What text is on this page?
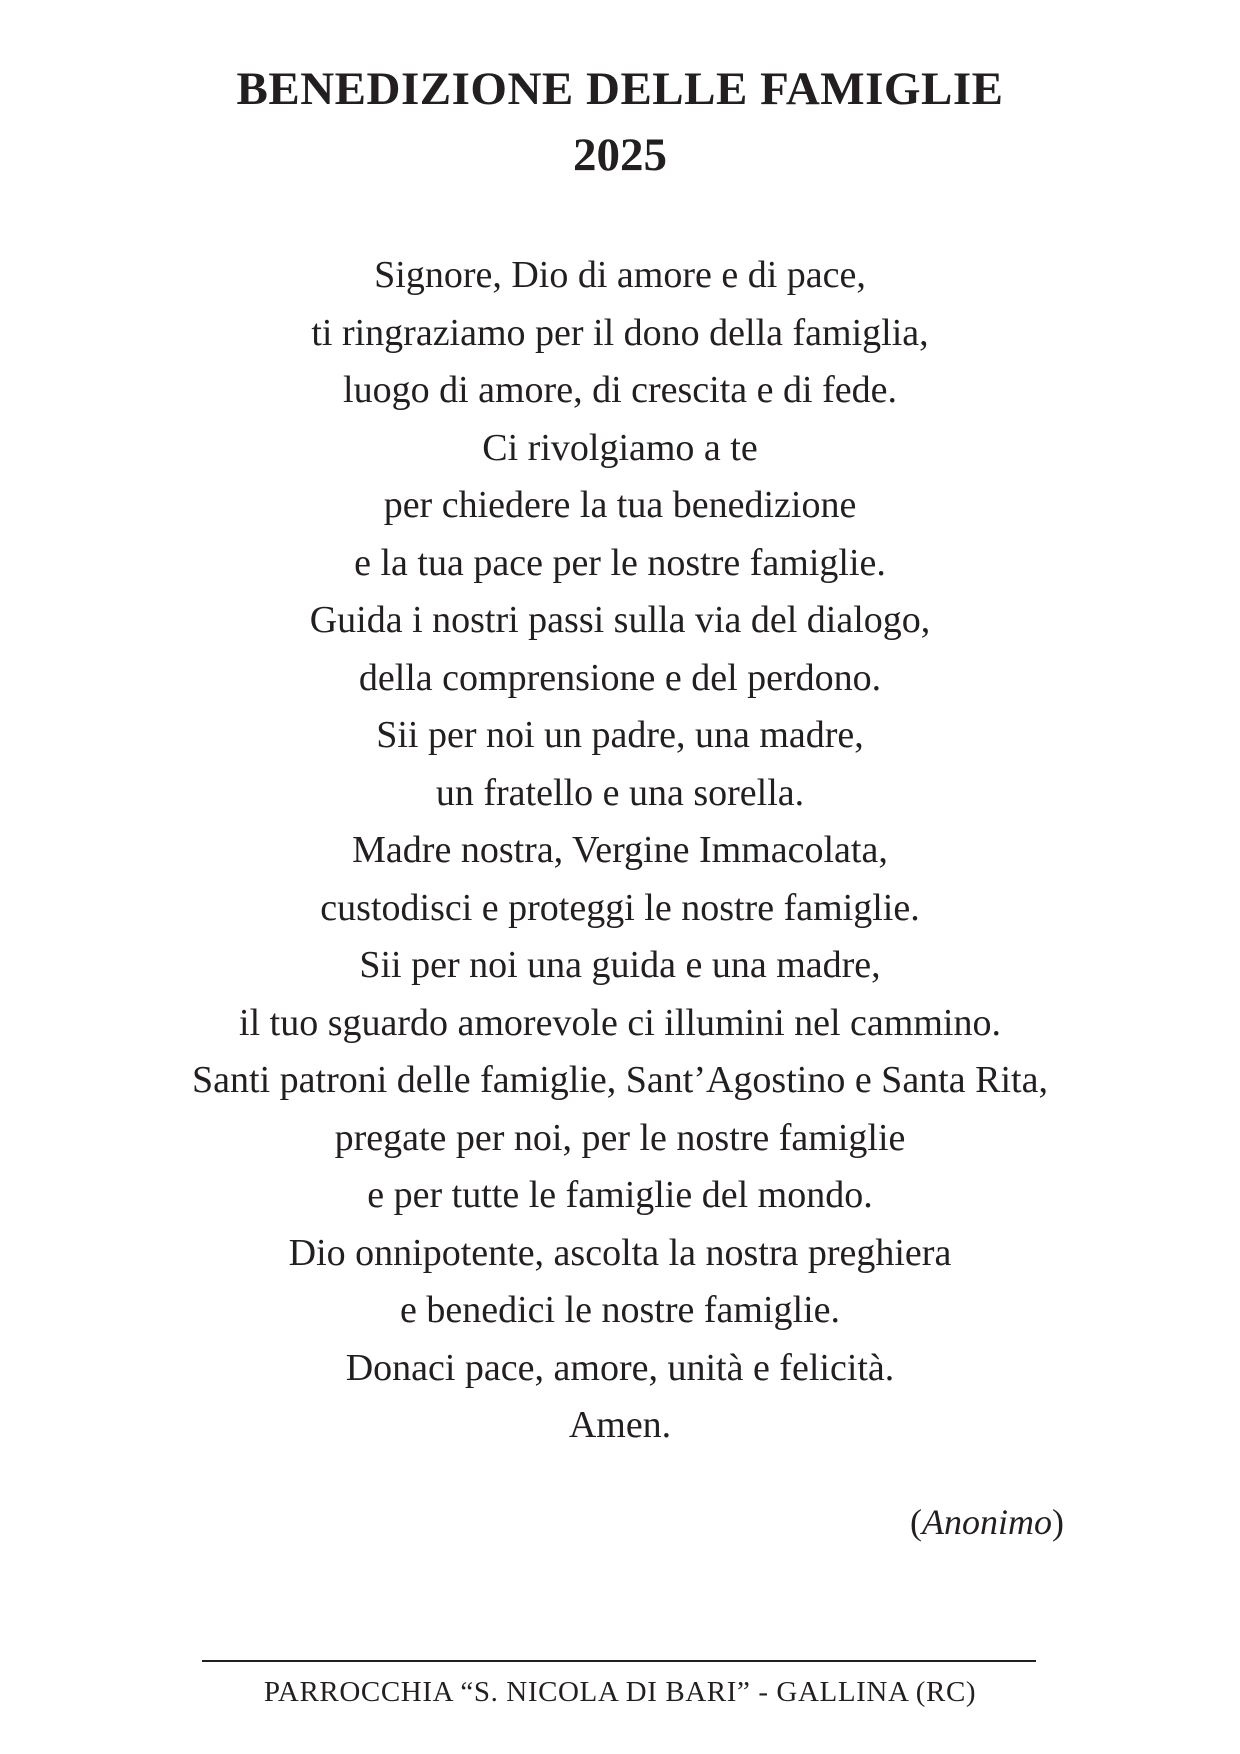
BENEDIZIONE DELLE FAMIGLIE
2025
Signore, Dio di amore e di pace,
ti ringraziamo per il dono della famiglia,
luogo di amore, di crescita e di fede.
Ci rivolgiamo a te
per chiedere la tua benedizione
e la tua pace per le nostre famiglie.
Guida i nostri passi sulla via del dialogo,
della comprensione e del perdono.
Sii per noi un padre, una madre,
un fratello e una sorella.
Madre nostra, Vergine Immacolata,
custodisci e proteggi le nostre famiglie.
Sii per noi una guida e una madre,
il tuo sguardo amorevole ci illumini nel cammino.
Santi patroni delle famiglie, Sant’Agostino e Santa Rita,
pregate per noi, per le nostre famiglie
e per tutte le famiglie del mondo.
Dio onnipotente, ascolta la nostra preghiera
e benedici le nostre famiglie.
Donaci pace, amore, unità e felicità.
Amen.
(Anonimo)
PARROCCHIA “S. NICOLA DI BARI” - GALLINA (RC)
